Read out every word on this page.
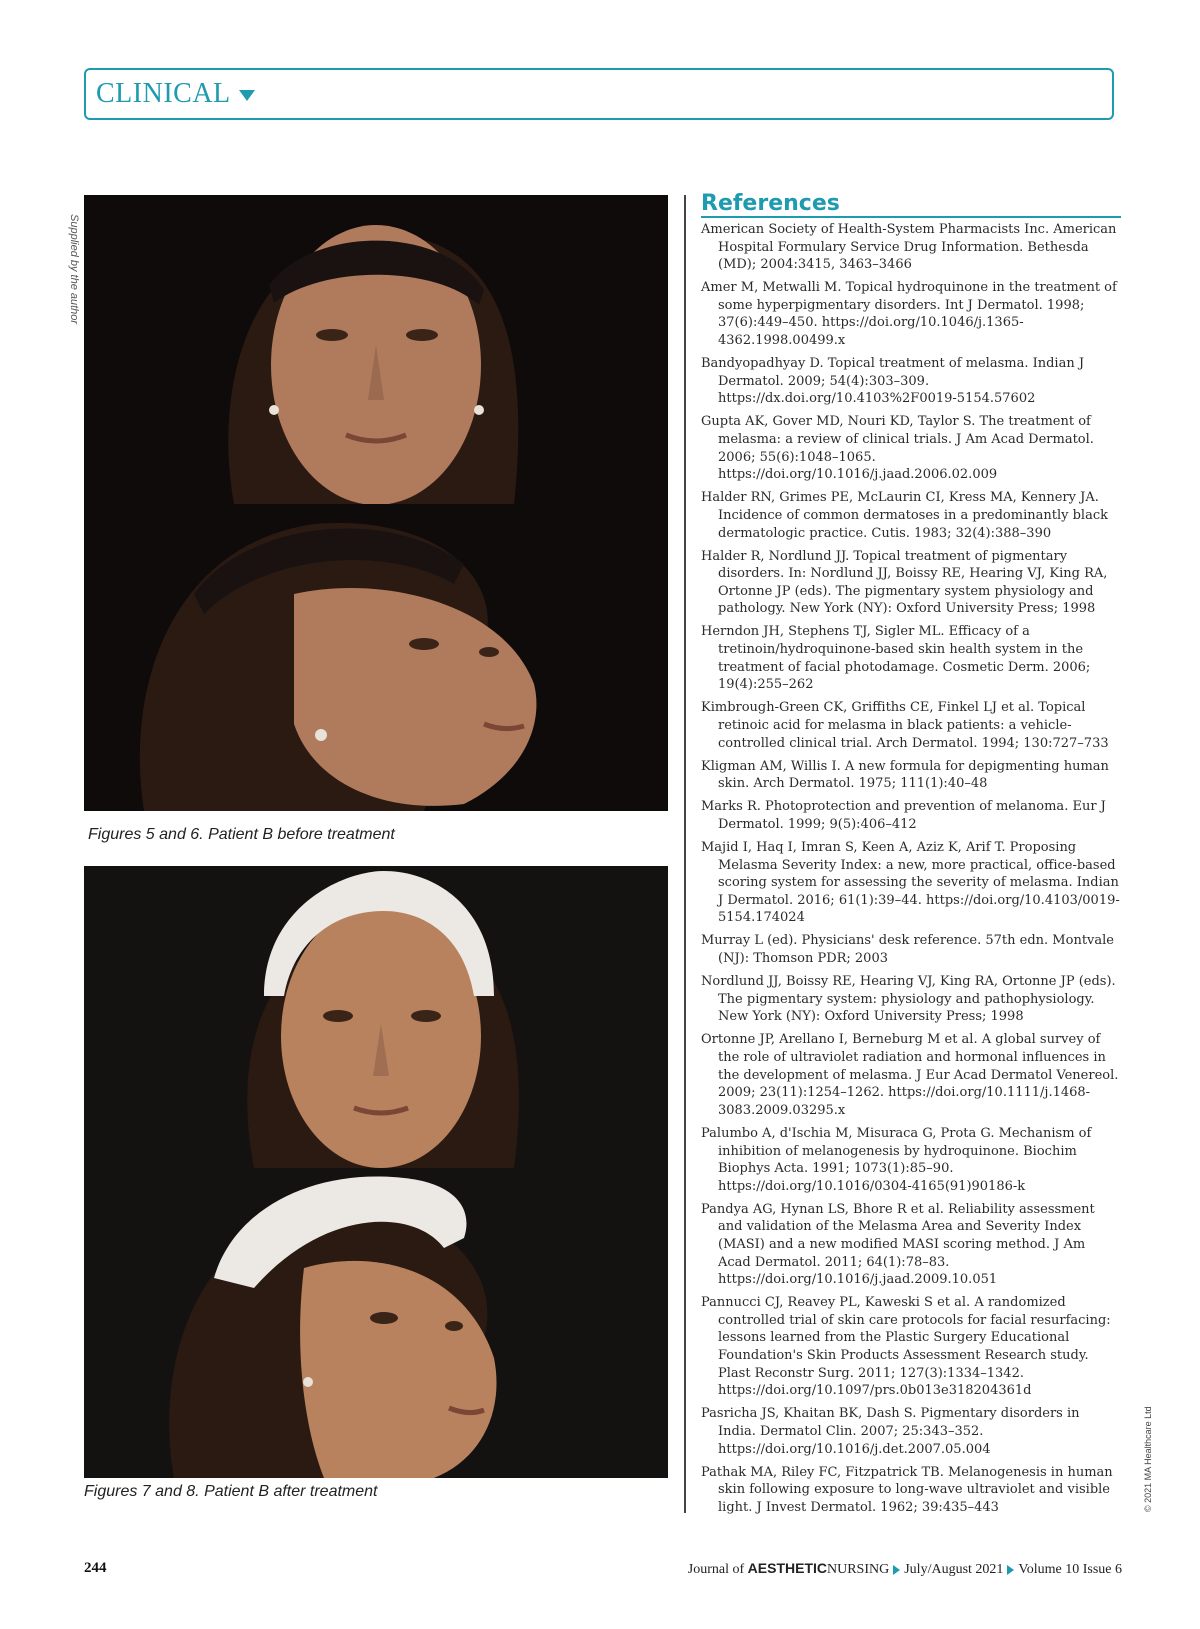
CLINICAL
Supplied by the author
Figures 5 and 6. Patient B before treatment
Figures 7 and 8. Patient B after treatment
References
American Society of Health-System Pharmacists Inc. American Hospital Formulary Service Drug Information. Bethesda (MD); 2004:3415, 3463–3466
Amer M, Metwalli M. Topical hydroquinone in the treatment of some hyperpigmentary disorders. Int J Dermatol. 1998; 37(6):449–450. https://doi.org/10.1046/j.1365-4362.1998.00499.x
Bandyopadhyay D. Topical treatment of melasma. Indian J Dermatol. 2009; 54(4):303–309. https://dx.doi.org/10.4103%2F0019-5154.57602
Gupta AK, Gover MD, Nouri KD, Taylor S. The treatment of melasma: a review of clinical trials. J Am Acad Dermatol. 2006; 55(6):1048–1065. https://doi.org/10.1016/j.jaad.2006.02.009
Halder RN, Grimes PE, McLaurin CI, Kress MA, Kennery JA. Incidence of common dermatoses in a predominantly black dermatologic practice. Cutis. 1983; 32(4):388–390
Halder R, Nordlund JJ. Topical treatment of pigmentary disorders. In: Nordlund JJ, Boissy RE, Hearing VJ, King RA, Ortonne JP (eds). The pigmentary system physiology and pathology. New York (NY): Oxford University Press; 1998
Herndon JH, Stephens TJ, Sigler ML. Efficacy of a tretinoin/hydroquinone-based skin health system in the treatment of facial photodamage. Cosmetic Derm. 2006; 19(4):255–262
Kimbrough-Green CK, Griffiths CE, Finkel LJ et al. Topical retinoic acid for melasma in black patients: a vehicle-controlled clinical trial. Arch Dermatol. 1994; 130:727–733
Kligman AM, Willis I. A new formula for depigmenting human skin. Arch Dermatol. 1975; 111(1):40–48
Marks R. Photoprotection and prevention of melanoma. Eur J Dermatol. 1999; 9(5):406–412
Majid I, Haq I, Imran S, Keen A, Aziz K, Arif T. Proposing Melasma Severity Index: a new, more practical, office-based scoring system for assessing the severity of melasma. Indian J Dermatol. 2016; 61(1):39–44. https://doi.org/10.4103/0019-5154.174024
Murray L (ed). Physicians' desk reference. 57th edn. Montvale (NJ): Thomson PDR; 2003
Nordlund JJ, Boissy RE, Hearing VJ, King RA, Ortonne JP (eds). The pigmentary system: physiology and pathophysiology. New York (NY): Oxford University Press; 1998
Ortonne JP, Arellano I, Berneburg M et al. A global survey of the role of ultraviolet radiation and hormonal influences in the development of melasma. J Eur Acad Dermatol Venereol. 2009; 23(11):1254–1262. https://doi.org/10.1111/j.1468-3083.2009.03295.x
Palumbo A, d'Ischia M, Misuraca G, Prota G. Mechanism of inhibition of melanogenesis by hydroquinone. Biochim Biophys Acta. 1991; 1073(1):85–90. https://doi.org/10.1016/0304-4165(91)90186-k
Pandya AG, Hynan LS, Bhore R et al. Reliability assessment and validation of the Melasma Area and Severity Index (MASI) and a new modified MASI scoring method. J Am Acad Dermatol. 2011; 64(1):78–83. https://doi.org/10.1016/j.jaad.2009.10.051
Pannucci CJ, Reavey PL, Kaweski S et al. A randomized controlled trial of skin care protocols for facial resurfacing: lessons learned from the Plastic Surgery Educational Foundation's Skin Products Assessment Research study. Plast Reconstr Surg. 2011; 127(3):1334–1342. https://doi.org/10.1097/prs.0b013e318204361d
Pasricha JS, Khaitan BK, Dash S. Pigmentary disorders in India. Dermatol Clin. 2007; 25:343–352. https://doi.org/10.1016/j.det.2007.05.004
Pathak MA, Riley FC, Fitzpatrick TB. Melanogenesis in human skin following exposure to long-wave ultraviolet and visible light. J Invest Dermatol. 1962; 39:435–443	© 2021 MA Healthcare Ltd
244	Journal of AESTHETICNURSING July/August 2021 Volume 10 Issue 6
